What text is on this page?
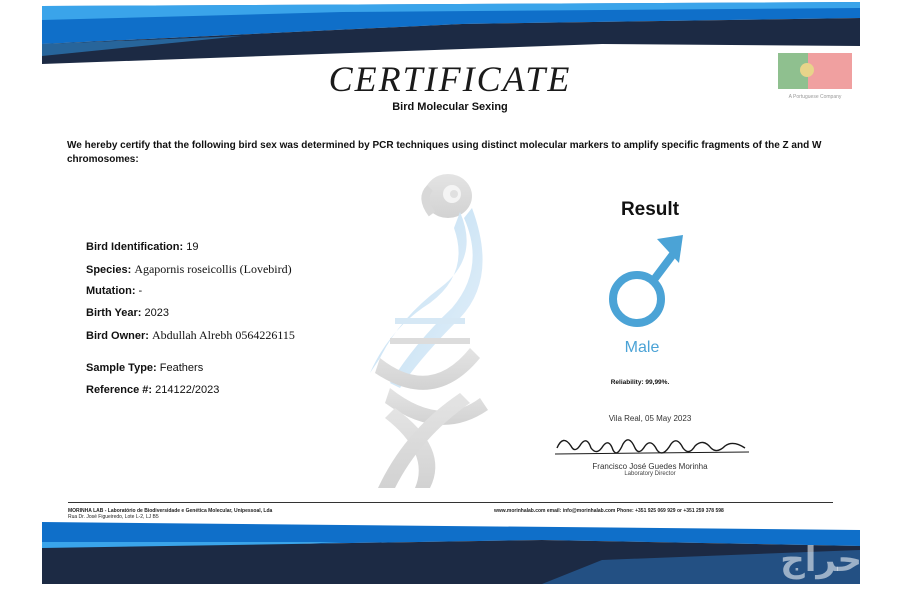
A Portuguese Company
CERTIFICATE
Bird Molecular Sexing
We hereby certify that the following bird sex was determined by PCR techniques using distinct molecular markers to amplify specific fragments of the Z and W chromosomes:
Bird Identification: 19
Species: Agapornis roseicollis (Lovebird)
Mutation: -
Birth Year: 2023
Bird Owner: Abdullah Alrebh 0564226115
Sample Type: Feathers
Reference #: 214122/2023
Result
Male
Reliability: 99,99%.
Vila Real, 05 May 2023
Francisco José Guedes Morinha
Laboratory Director
MORINHA LAB - Laboratório de Biodiversidade e Genética Molecular, Unipessoal, Lda
Rua Dr. José Figueiredo, Lote L-2, LJ B5
www.morinhalab.com email: info@morinhalab.com Phone: +351 925 069 929 or +351 259 378 598
حراج
